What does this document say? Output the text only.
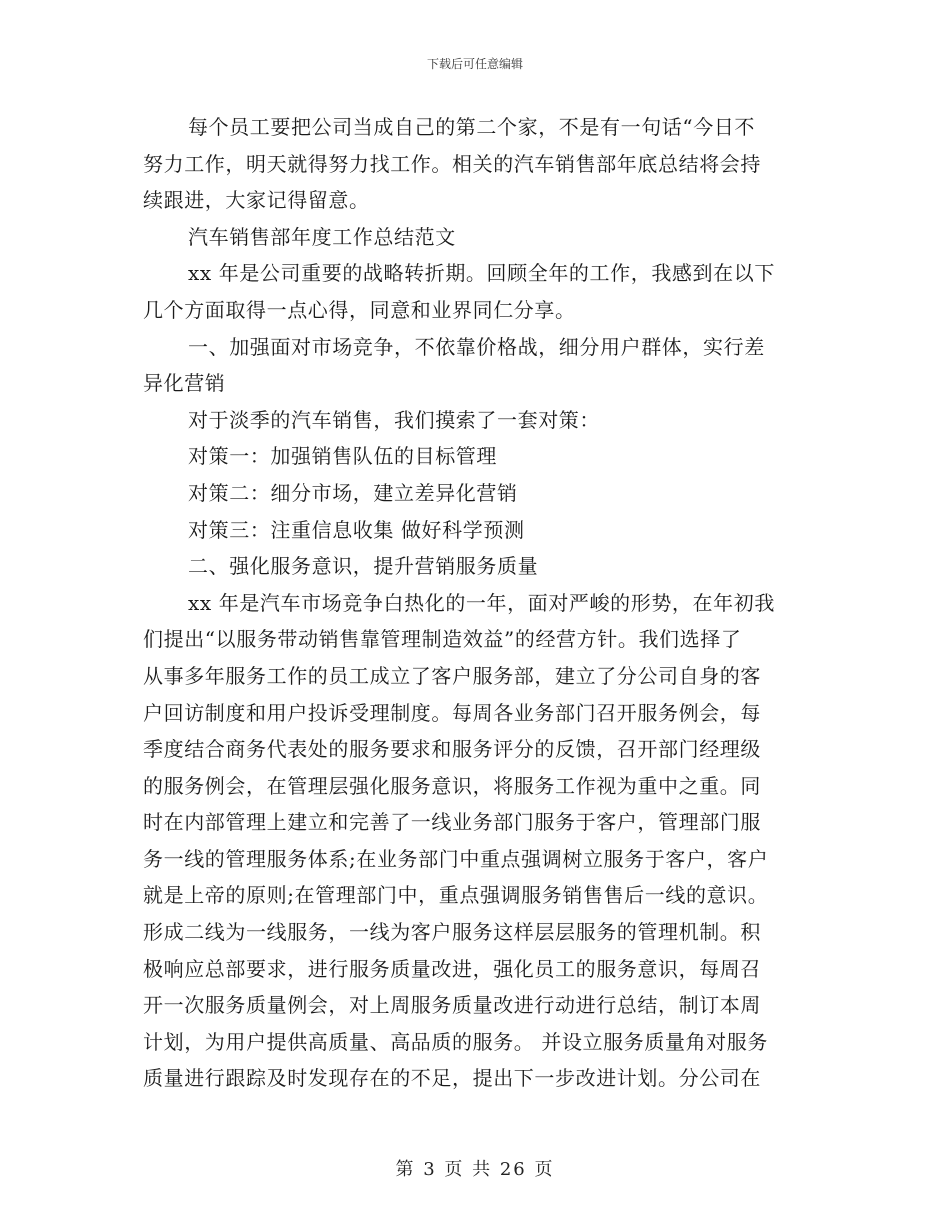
下载后可任意编辑
每个员工要把公司当成自己的第二个家，不是有一句话“今日不
努力工作，明天就得努力找工作。相关的汽车销售部年底总结将会持
续跟进，大家记得留意。
汽车销售部年度工作总结范文
xx 年是公司重要的战略转折期。回顾全年的工作，我感到在以下
几个方面取得一点心得，同意和业界同仁分享。
一、加强面对市场竞争，不依靠价格战，细分用户群体，实行差
异化营销
对于淡季的汽车销售，我们摸索了一套对策：
对策一：加强销售队伍的目标管理
对策二：细分市场，建立差异化营销
对策三：注重信息收集 做好科学预测
二、强化服务意识，提升营销服务质量
xx 年是汽车市场竞争白热化的一年，面对严峻的形势，在年初我
们提出“以服务带动销售靠管理制造效益”的经营方针。我们选择了
从事多年服务工作的员工成立了客户服务部，建立了分公司自身的客
户回访制度和用户投诉受理制度。每周各业务部门召开服务例会，每
季度结合商务代表处的服务要求和服务评分的反馈，召开部门经理级
的服务例会，在管理层强化服务意识，将服务工作视为重中之重。同
时在内部管理上建立和完善了一线业务部门服务于客户，管理部门服
务一线的管理服务体系;在业务部门中重点强调树立服务于客户，客户
就是上帝的原则;在管理部门中，重点强调服务销售售后一线的意识。
形成二线为一线服务，一线为客户服务这样层层服务的管理机制。积
极响应总部要求，进行服务质量改进，强化员工的服务意识，每周召
开一次服务质量例会，对上周服务质量改进行动进行总结，制订本周
计划，为用户提供高质量、高品质的服务。 并设立服务质量角对服务
质量进行跟踪及时发现存在的不足，提出下一步改进计划。分公司在
第 3 页 共 26 页
